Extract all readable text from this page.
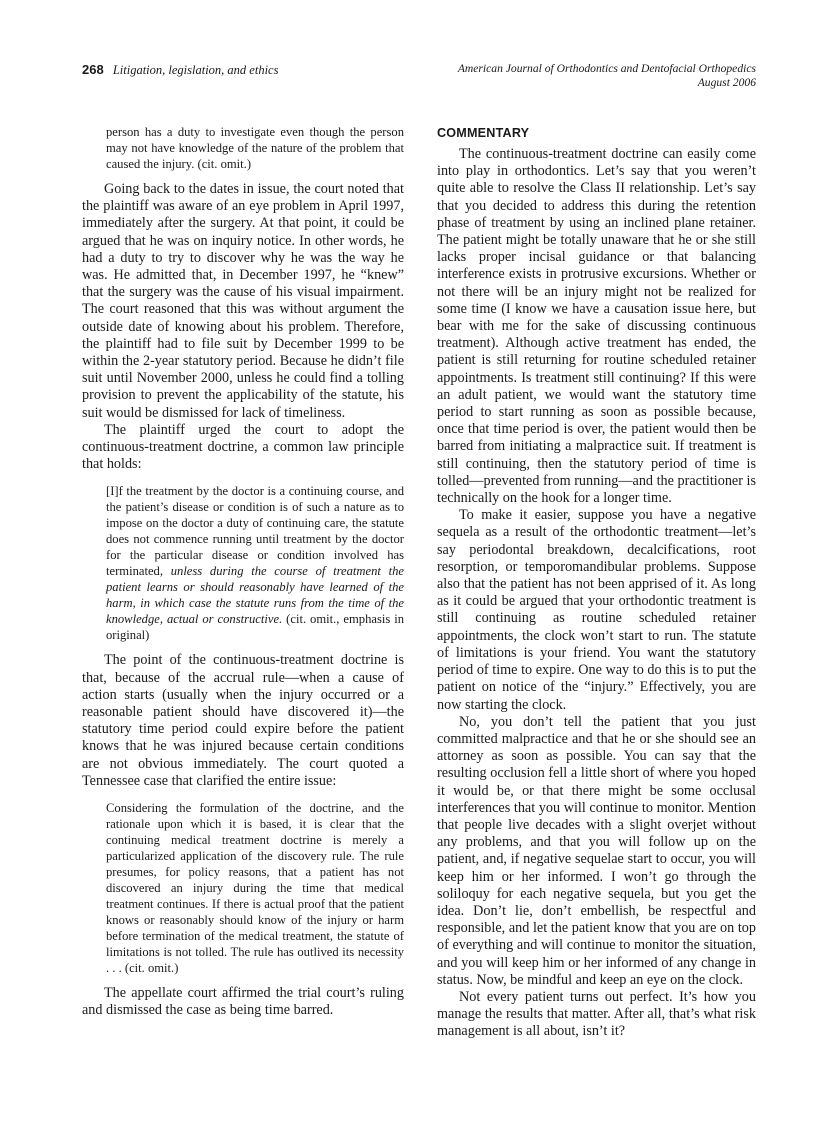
268 Litigation, legislation, and ethics	American Journal of Orthodontics and Dentofacial Orthopedics
August 2006

person has a duty to investigate even though the person may not have knowledge of the nature of the problem that caused the injury. (cit. omit.)

Going back to the dates in issue, the court noted that the plaintiff was aware of an eye problem in April 1997, immediately after the surgery. At that point, it could be argued that he was on inquiry notice. In other words, he had a duty to try to discover why he was the way he was. He admitted that, in December 1997, he “knew” that the surgery was the cause of his visual impairment. The court reasoned that this was without argument the outside date of knowing about his problem. Therefore, the plaintiff had to file suit by December 1999 to be within the 2-year statutory period. Because he didn’t file suit until November 2000, unless he could find a tolling provision to prevent the applicability of the statute, his suit would be dismissed for lack of timeliness.

The plaintiff urged the court to adopt the continuous-treatment doctrine, a common law principle that holds:

[I]f the treatment by the doctor is a continuing course, and the patient’s disease or condition is of such a nature as to impose on the doctor a duty of continuing care, the statute does not commence running until treatment by the doctor for the particular disease or condition involved has terminated, unless during the course of treatment the patient learns or should reasonably have learned of the harm, in which case the statute runs from the time of the knowledge, actual or constructive. (cit. omit., emphasis in original)

The point of the continuous-treatment doctrine is that, because of the accrual rule—when a cause of action starts (usually when the injury occurred or a reasonable patient should have discovered it)—the statutory time period could expire before the patient knows that he was injured because certain conditions are not obvious immediately. The court quoted a Tennessee case that clarified the entire issue:

Considering the formulation of the doctrine, and the rationale upon which it is based, it is clear that the continuing medical treatment doctrine is merely a particularized application of the discovery rule. The rule presumes, for policy reasons, that a patient has not discovered an injury during the time that medical treatment continues. If there is actual proof that the patient knows or reasonably should know of the injury or harm before termination of the medical treatment, the statute of limitations is not tolled. The rule has outlived its necessity . . . (cit. omit.)

The appellate court affirmed the trial court’s ruling and dismissed the case as being time barred.

COMMENTARY

The continuous-treatment doctrine can easily come into play in orthodontics. Let’s say that you weren’t quite able to resolve the Class II relationship. Let’s say that you decided to address this during the retention phase of treatment by using an inclined plane retainer. The patient might be totally unaware that he or she still lacks proper incisal guidance or that balancing interference exists in protrusive excursions. Whether or not there will be an injury might not be realized for some time (I know we have a causation issue here, but bear with me for the sake of discussing continuous treatment). Although active treatment has ended, the patient is still returning for routine scheduled retainer appointments. Is treatment still continuing? If this were an adult patient, we would want the statutory time period to start running as soon as possible because, once that time period is over, the patient would then be barred from initiating a malpractice suit. If treatment is still continuing, then the statutory period of time is tolled—prevented from running—and the practitioner is technically on the hook for a longer time.

To make it easier, suppose you have a negative sequela as a result of the orthodontic treatment—let’s say periodontal breakdown, decalcifications, root resorption, or temporomandibular problems. Suppose also that the patient has not been apprised of it. As long as it could be argued that your orthodontic treatment is still continuing as routine scheduled retainer appointments, the clock won’t start to run. The statute of limitations is your friend. You want the statutory period of time to expire. One way to do this is to put the patient on notice of the “injury.” Effectively, you are now starting the clock.

No, you don’t tell the patient that you just committed malpractice and that he or she should see an attorney as soon as possible. You can say that the resulting occlusion fell a little short of where you hoped it would be, or that there might be some occlusal interferences that you will continue to monitor. Mention that people live decades with a slight overjet without any problems, and that you will follow up on the patient, and, if negative sequelae start to occur, you will keep him or her informed. I won’t go through the soliloquy for each negative sequela, but you get the idea. Don’t lie, don’t embellish, be respectful and responsible, and let the patient know that you are on top of everything and will continue to monitor the situation, and you will keep him or her informed of any change in status. Now, be mindful and keep an eye on the clock.

Not every patient turns out perfect. It’s how you manage the results that matter. After all, that’s what risk management is all about, isn’t it?
